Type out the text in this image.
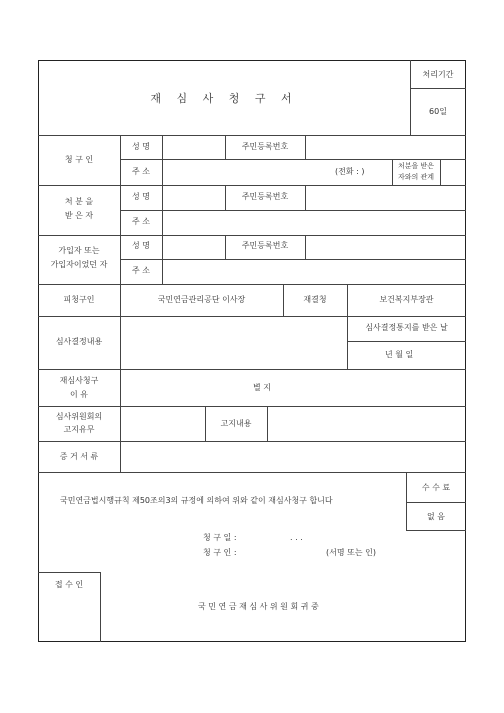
재 심 사 청 구 서
처리기간
60일
청 구 인
성 명	주민등록번호
주 소	(전화 : )
처분을 받은
자와의 관계
처 분 을
받 은 자
성 명	주민등록번호
주 소
가입자 또는
가입자이었던 자
성 명	주민등록번호
주 소
피청구인	국민연금관리공단 이사장	재결청	보건복지부장관
심사결정내용
심사결정통지를 받은 날
년 월 일
재심사청구
이 유
별 지
심사위원회의
고지유무
고지내용
증 거 서 류
국민연금법시행규칙 제50조의3의 규정에 의하여 위와 같이 재심사청구 합니다
수 수 료
없 음
청 구 일 :	. . .
청 구 인 :	(서명 또는 인)
접 수 인
국 민 연 금 재 심 사 위 원 회 귀 중
